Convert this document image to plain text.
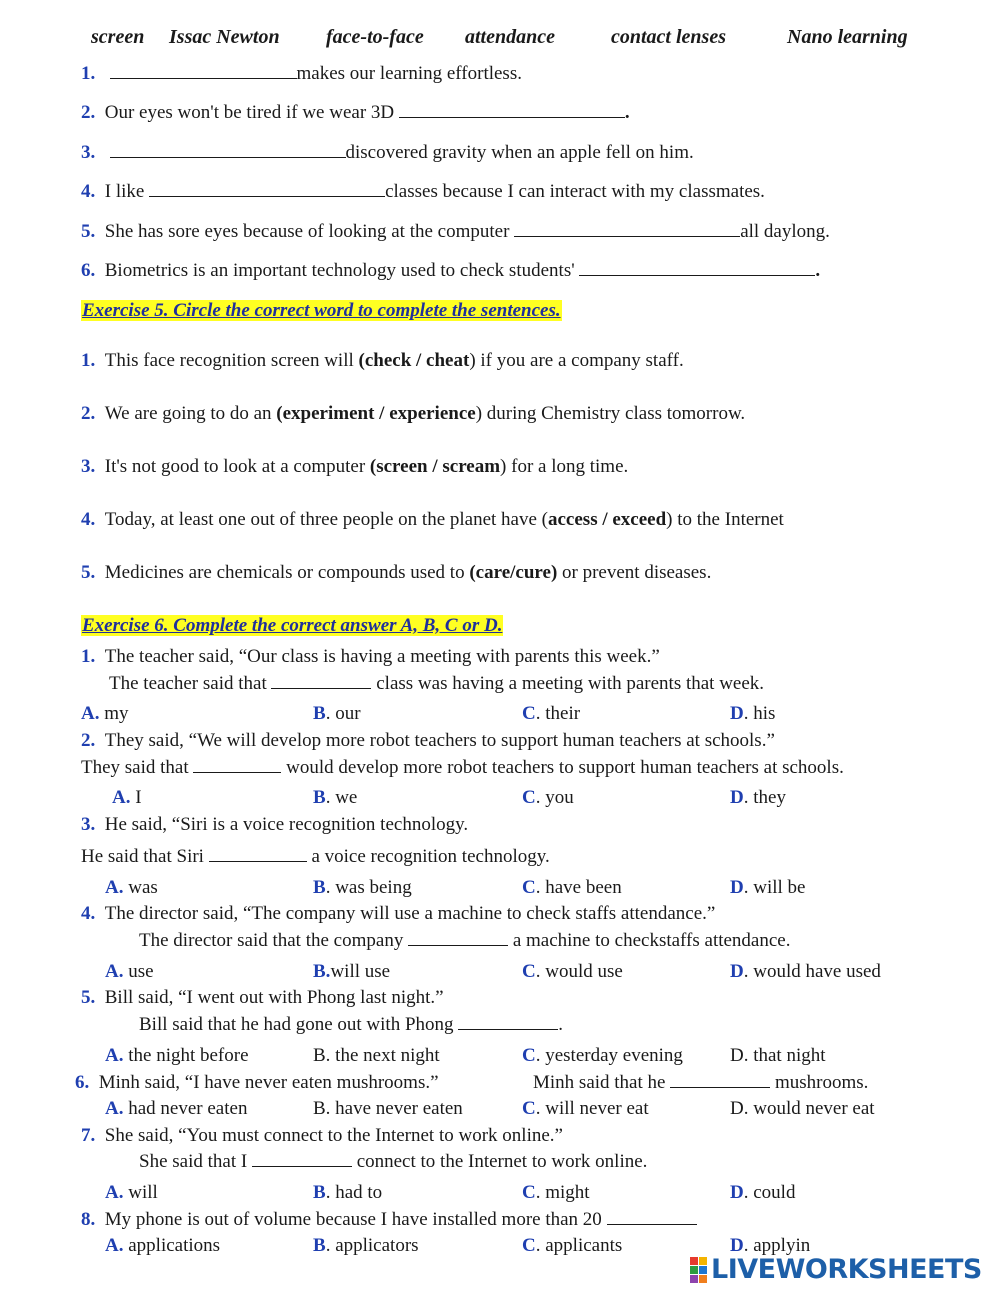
screen Issac Newton face-to-face attendance	contact lenses	Nano learning
1.	makes our learning effortless.
2. Our eyes won't be tired if we wear 3D	.
3.	discovered gravity when an apple fell on him.
4. I like	classes because I can interact with my classmates.
5. She has sore eyes because of looking at the computer	all daylong.
6. Biometrics is an important technology used to check students'	.
Exercise 5. Circle the correct word to complete the sentences.
1. This face recognition screen will (check / cheat) if you are a company staff.
2. We are going to do an (experiment / experience) during Chemistry class tomorrow.
3. It's not good to look at a computer (screen / scream) for a long time.
4. Today, at least one out of three people on the planet have (access / exceed) to the Internet
5. Medicines are chemicals or compounds used to (care/cure) or prevent diseases.
Exercise 6. Complete the correct answer A, B, C or D.
1. The teacher said, “Our class is having a meeting with parents this week.”
The teacher said that	class was having a meeting with parents that week.
A. my	B. our	C. their	D. his
2. They said, “We will develop more robot teachers to support human teachers at schools.”
They said that	would develop more robot teachers to support human teachers at schools.
A. I	B. we	C. you	D. they
3. He said, “Siri is a voice recognition technology.
He said that Siri	a voice recognition technology.
A. was	B. was being	C. have been	D. will be
4. The director said, “The company will use a machine to check staffs attendance.”
The director said that the company	a machine to checkstaffs attendance.
A. use	B.will use	C. would use	D. would have used
5. Bill said, “I went out with Phong last night.”
Bill said that he had gone out with Phong	.
A. the night before	B. the next night	C. yesterday evening D. that night
6. Minh said, “I have never eaten mushrooms.”	Minh said that he	mushrooms.
A. had never eaten	B. have never eaten	C. will never eat	D. would never eat
7. She said, “You must connect to the Internet to work online.”
She said that I	connect to the Internet to work online.
A. will	B. had to	C. might	D. could
8. My phone is out of volume because I have installed more than 20
A. applications	B. applicators	C. applicants	D. applyin
LIVEWORKSHEETS
